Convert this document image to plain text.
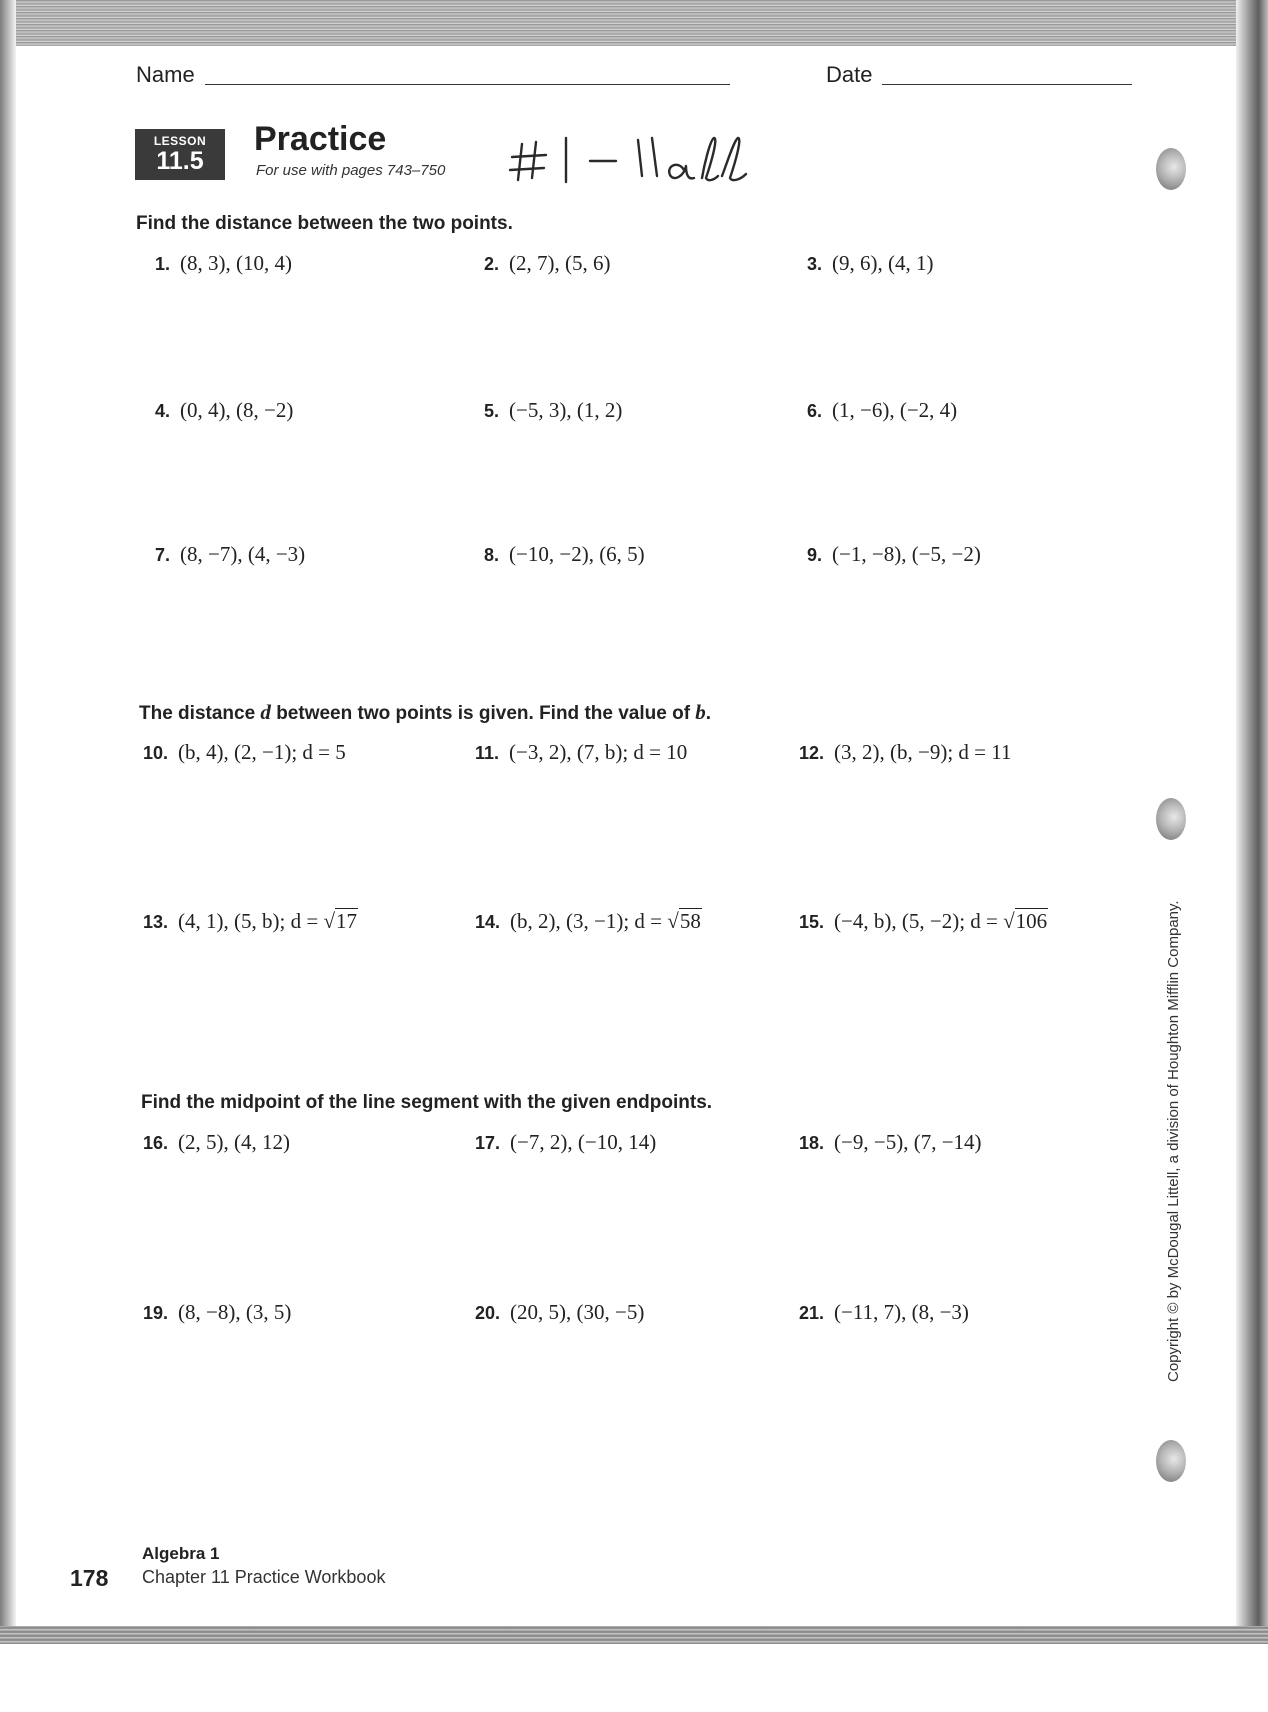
Name	Date
LESSON
11.5
Practice
For use with pages 743–750
Find the distance between the two points.
1. (8, 3), (10, 4)	2. (2, 7), (5, 6)	3. (9, 6), (4, 1)
4. (0, 4), (8, −2)	5. (−5, 3), (1, 2)	6. (1, −6), (−2, 4)
7. (8, −7), (4, −3)	8. (−10, −2), (6, 5)	9. (−1, −8), (−5, −2)
The distance d between two points is given. Find the value of b.
10. (b, 4), (2, −1); d = 5	11. (−3, 2), (7, b); d = 10	12. (3, 2), (b, −9); d = 11
13. (4, 1), (5, b); d = √17	14. (b, 2), (3, −1); d = √58	15. (−4, b), (5, −2); d = √106
Find the midpoint of the line segment with the given endpoints.
16. (2, 5), (4, 12)	17. (−7, 2), (−10, 14)	18. (−9, −5), (7, −14)
19. (8, −8), (3, 5)	20. (20, 5), (30, −5)	21. (−11, 7), (8, −3)	Copyright © by McDougal Littell, a division of Houghton Mifflin Company.
178
Algebra 1
Chapter 11 Practice Workbook
